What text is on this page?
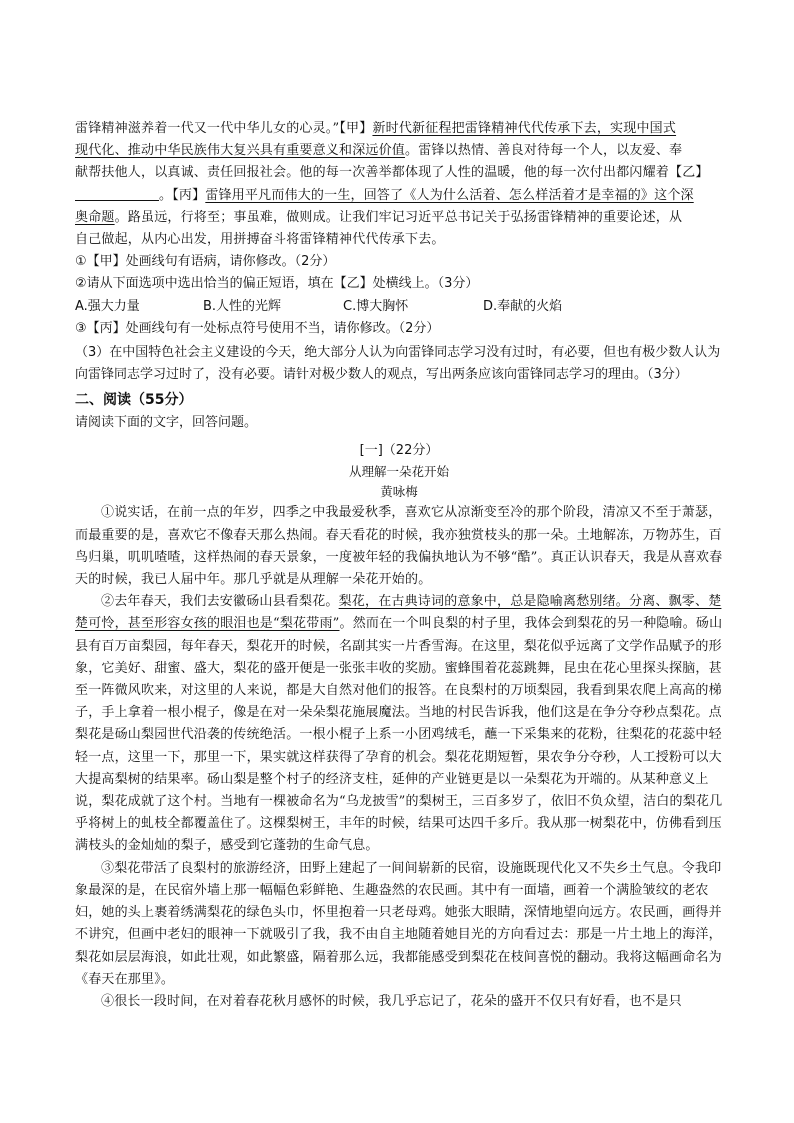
雷锋精神滋养着一代又一代中华儿女的心灵。”【甲】新时代新征程把雷锋精神代代传承下去，实现中国式

现代化、推动中华民族伟大复兴具有重要意义和深远价值。雷锋以热情、善良对待每一个人，以友爱、奉

献帮扶他人，以真诚、责任回报社会。他的每一次善举都体现了人性的温暖，他的每一次付出都闪耀着【乙】

。【丙】雷锋用平凡而伟大的一生，回答了《人为什么活着、怎么样活着才是幸福的》这个深

奥命题。路虽远，行将至；事虽难，做则成。让我们牢记习近平总书记关于弘扬雷锋精神的重要论述，从

自己做起，从内心出发，用拼搏奋斗将雷锋精神代代传承下去。

①【甲】处画线句有语病，请你修改。（2分）

②请从下面选项中选出恰当的偏正短语，填在【乙】处横线上。（3分）

A.强大力量	B.人性的光辉	C.博大胸怀	D.奉献的火焰

③【丙】处画线句有一处标点符号使用不当，请你修改。（2分）

（3）在中国特色社会主义建设的今天，绝大部分人认为向雷锋同志学习没有过时，有必要，但也有极少数人认为向雷锋同志学习过时了，没有必要。请针对极少数人的观点，写出两条应该向雷锋同志学习的理由。（3分）

二、阅读（55分）

请阅读下面的文字，回答问题。

[一]（22分）

从理解一朵花开始

黄咏梅

①说实话，在前一点的年岁，四季之中我最爱秋季，喜欢它从凉渐变至冷的那个阶段，清凉又不至于萧瑟，而最重要的是，喜欢它不像春天那么热闹。春天看花的时候，我亦独赏枝头的那一朵。土地解冻，万物苏生，百鸟归巢，叽叽喳喳，这样热闹的春天景象，一度被年轻的我偏执地认为不够“酷”。真正认识春天，我是从喜欢春天的时候，我已人届中年。那几乎就是从理解一朵花开始的。

②去年春天，我们去安徽砀山县看梨花。梨花，在古典诗词的意象中，总是隐喻离愁别绪。分离、飘零、楚楚可怜，甚至形容女孩的眼泪也是“梨花带雨”。然而在一个叫良梨的村子里，我体会到梨花的另一种隐喻。砀山县有百万亩梨园，每年春天，梨花开的时候，名副其实一片香雪海。在这里，梨花似乎远离了文学作品赋予的形象，它美好、甜蜜、盛大，梨花的盛开便是一张张丰收的奖励。蜜蜂围着花蕊跳舞，昆虫在花心里探头探脑，甚至一阵微风吹来，对这里的人来说，都是大自然对他们的报答。在良梨村的万顷梨园，我看到果农爬上高高的梯子，手上拿着一根小棍子，像是在对一朵朵梨花施展魔法。当地的村民告诉我，他们这是在争分夺秒点梨花。点梨花是砀山梨园世代沿袭的传统绝活。一根小棍子上系一小团鸡绒毛，蘸一下采集来的花粉，往梨花的花蕊中轻轻一点，这里一下，那里一下，果实就这样获得了孕育的机会。梨花花期短暂，果农争分夺秒，人工授粉可以大大提高梨树的结果率。砀山梨是整个村子的经济支柱，延伸的产业链更是以一朵梨花为开端的。从某种意义上说，梨花成就了这个村。当地有一棵被命名为“乌龙披雪”的梨树王，三百多岁了，依旧不负众望，洁白的梨花几乎将树上的虬枝全都覆盖住了。这棵梨树王，丰年的时候，结果可达四千多斤。我从那一树梨花中，仿佛看到压满枝头的金灿灿的梨子，感受到它蓬勃的生命气息。

③梨花带活了良梨村的旅游经济，田野上建起了一间间崭新的民宿，设施既现代化又不失乡土气息。令我印象最深的是，在民宿外墙上那一幅幅色彩鲜艳、生趣盎然的农民画。其中有一面墙，画着一个满脸皱纹的老农妇，她的头上裹着绣满梨花的绿色头巾，怀里抱着一只老母鸡。她张大眼睛，深情地望向远方。农民画，画得并不讲究，但画中老妇的眼神一下就吸引了我，我不由自主地随着她目光的方向看过去：那是一片土地上的海洋，梨花如层层海浪，如此壮观，如此繁盛，隔着那么远，我都能感受到梨花在枝间喜悦的翻动。我将这幅画命名为《春天在那里》。

④很长一段时间，在对着春花秋月感怀的时候，我几乎忘记了，花朵的盛开不仅只有好看，也不是只
